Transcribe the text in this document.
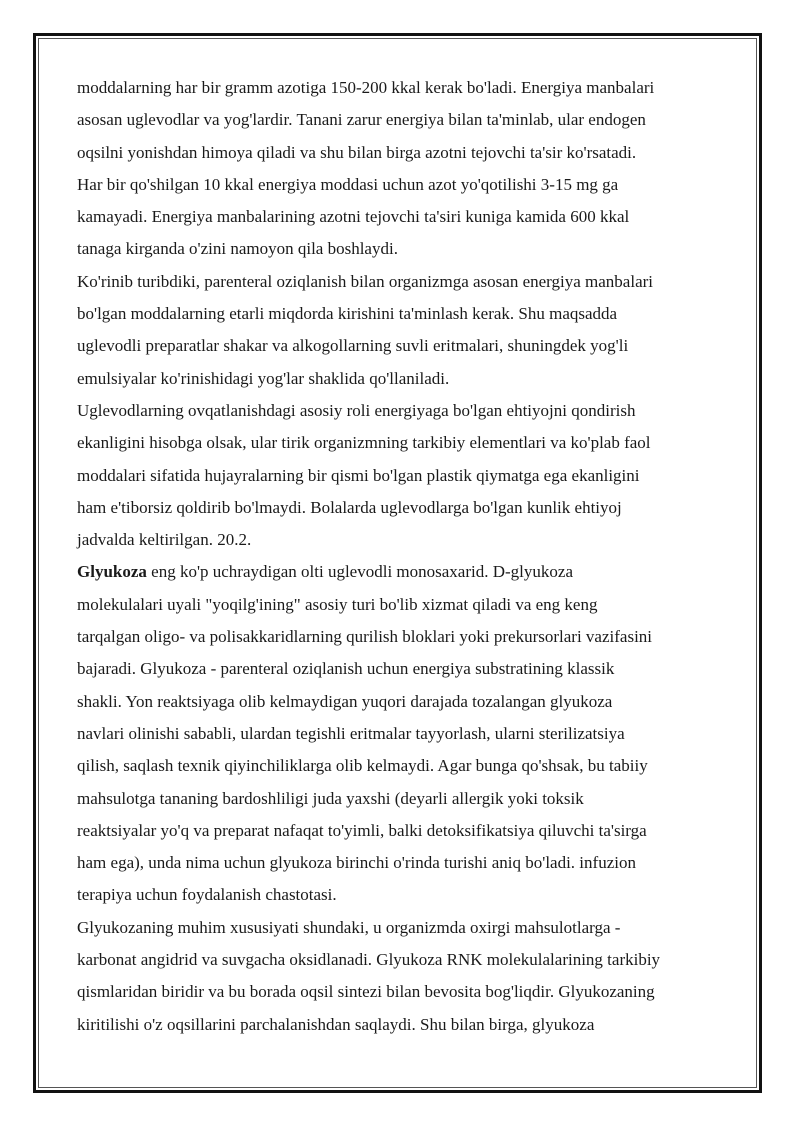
moddalarning har bir gramm azotiga 150-200 kkal kerak bo'ladi. Energiya manbalari
asosan uglevodlar va yog'lardir. Tanani zarur energiya bilan ta'minlab, ular endogen
oqsilni yonishdan himoya qiladi va shu bilan birga azotni tejovchi ta'sir ko'rsatadi.
Har bir qo'shilgan 10 kkal energiya moddasi uchun azot yo'qotilishi 3-15 mg ga
kamayadi. Energiya manbalarining azotni tejovchi ta'siri kuniga kamida 600 kkal
tanaga kirganda o'zini namoyon qila boshlaydi.
Ko'rinib turibdiki, parenteral oziqlanish bilan organizmga asosan energiya manbalari
bo'lgan moddalarning etarli miqdorda kirishini ta'minlash kerak. Shu maqsadda
uglevodli preparatlar shakar va alkogollarning suvli eritmalari, shuningdek yog'li
emulsiyalar ko'rinishidagi yog'lar shaklida qo'llaniladi.
Uglevodlarning ovqatlanishdagi asosiy roli energiyaga bo'lgan ehtiyojni qondirish
ekanligini hisobga olsak, ular tirik organizmning tarkibiy elementlari va ko'plab faol
moddalari sifatida hujayralarning bir qismi bo'lgan plastik qiymatga ega ekanligini
ham e'tiborsiz qoldirib bo'lmaydi. Bolalarda uglevodlarga bo'lgan kunlik ehtiyoj
jadvalda keltirilgan. 20.2.
Glyukoza eng ko'p uchraydigan olti uglevodli monosaxarid. D-glyukoza
molekulalari uyali "yoqilg'ining" asosiy turi bo'lib xizmat qiladi va eng keng
tarqalgan oligo- va polisakkaridlarning qurilish bloklari yoki prekursorlari vazifasini
bajaradi. Glyukoza - parenteral oziqlanish uchun energiya substratining klassik
shakli. Yon reaktsiyaga olib kelmaydigan yuqori darajada tozalangan glyukoza
navlari olinishi sababli, ulardan tegishli eritmalar tayyorlash, ularni sterilizatsiya
qilish, saqlash texnik qiyinchiliklarga olib kelmaydi. Agar bunga qo'shsak, bu tabiiy
mahsulotga tananing bardoshliligi juda yaxshi (deyarli allergik yoki toksik
reaktsiyalar yo'q va preparat nafaqat to'yimli, balki detoksifikatsiya qiluvchi ta'sirga
ham ega), unda nima uchun glyukoza birinchi o'rinda turishi aniq bo'ladi. infuzion
terapiya uchun foydalanish chastotasi.
Glyukozaning muhim xususiyati shundaki, u organizmda oxirgi mahsulotlarga -
karbonat angidrid va suvgacha oksidlanadi. Glyukoza RNK molekulalarining tarkibiy
qismlaridan biridir va bu borada oqsil sintezi bilan bevosita bog'liqdir. Glyukozaning
kiritilishi o'z oqsillarini parchalanishdan saqlaydi. Shu bilan birga, glyukoza
